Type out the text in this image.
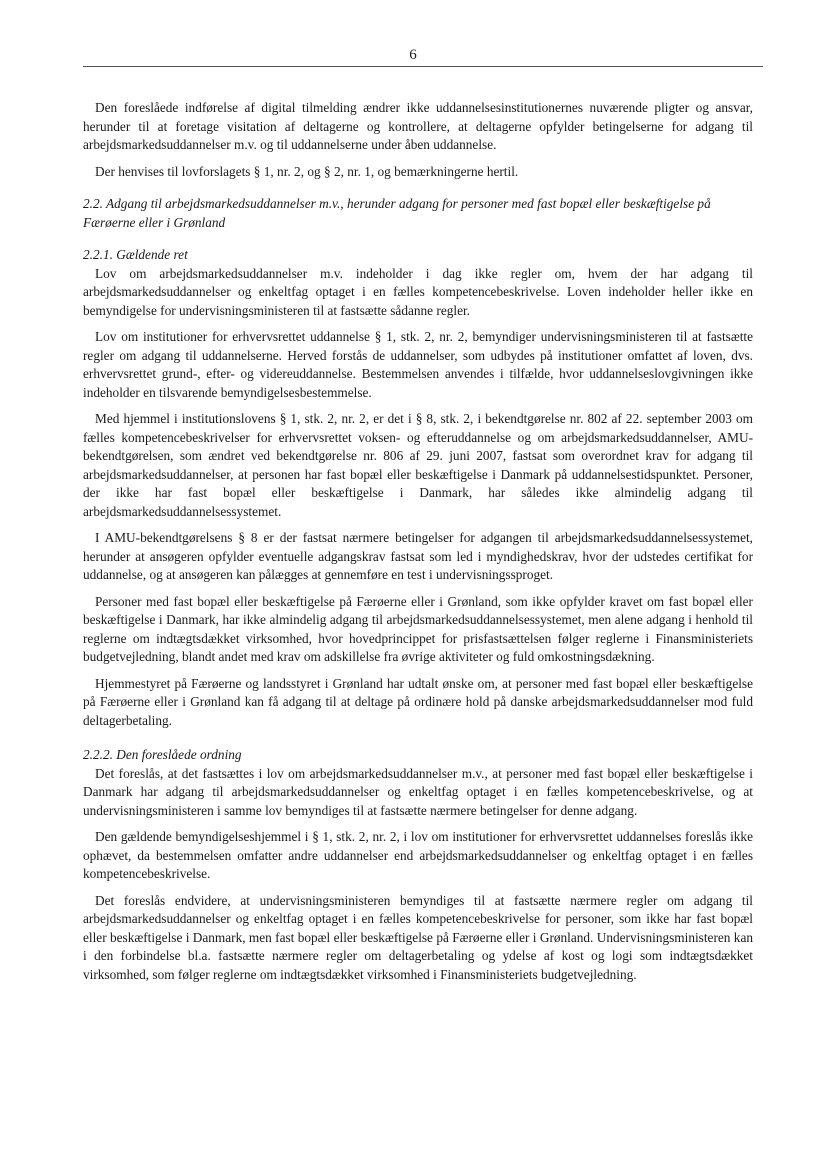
6

Den foreslåede indførelse af digital tilmelding ændrer ikke uddannelsesinstitutionernes nuværende pligter og ansvar, herunder til at foretage visitation af deltagerne og kontrollere, at deltagerne opfylder betingelserne for adgang til arbejdsmarkedsuddannelser m.v. og til uddannelserne under åben uddannelse.

Der henvises til lovforslagets § 1, nr. 2, og § 2, nr. 1, og bemærkningerne hertil.

2.2. Adgang til arbejdsmarkedsuddannelser m.v., herunder adgang for personer med fast bopæl eller beskæftigelse på Færøerne eller i Grønland
2.2.1. Gældende ret

Lov om arbejdsmarkedsuddannelser m.v. indeholder i dag ikke regler om, hvem der har adgang til arbejdsmarkedsuddannelser og enkeltfag optaget i en fælles kompetencebeskrivelse. Loven indeholder heller ikke en bemyndigelse for undervisningsministeren til at fastsætte sådanne regler.

Lov om institutioner for erhvervsrettet uddannelse § 1, stk. 2, nr. 2, bemyndiger undervisningsministeren til at fastsætte regler om adgang til uddannelserne. Herved forstås de uddannelser, som udbydes på institutioner omfattet af loven, dvs. erhvervsrettet grund-, efter- og videreuddannelse. Bestemmelsen anvendes i tilfælde, hvor uddannelseslovgivningen ikke indeholder en tilsvarende bemyndigelsesbestemmelse.

Med hjemmel i institutionslovens § 1, stk. 2, nr. 2, er det i § 8, stk. 2, i bekendtgørelse nr. 802 af 22. september 2003 om fælles kompetencebeskrivelser for erhvervsrettet voksen- og efteruddannelse og om arbejdsmarkedsuddannelser, AMU-bekendtgørelsen, som ændret ved bekendtgørelse nr. 806 af 29. juni 2007, fastsat som overordnet krav for adgang til arbejdsmarkedsuddannelser, at personen har fast bopæl eller beskæftigelse i Danmark på uddannelsestidspunktet. Personer, der ikke har fast bopæl eller beskæftigelse i Danmark, har således ikke almindelig adgang til arbejdsmarkedsuddannelsessystemet.

I AMU-bekendtgørelsens § 8 er der fastsat nærmere betingelser for adgangen til arbejdsmarkedsuddannelsessystemet, herunder at ansøgeren opfylder eventuelle adgangskrav fastsat som led i myndighedskrav, hvor der udstedes certifikat for uddannelse, og at ansøgeren kan pålægges at gennemføre en test i undervisningssproget.

Personer med fast bopæl eller beskæftigelse på Færøerne eller i Grønland, som ikke opfylder kravet om fast bopæl eller beskæftigelse i Danmark, har ikke almindelig adgang til arbejdsmarkedsuddannelsessystemet, men alene adgang i henhold til reglerne om indtægtsdækket virksomhed, hvor hovedprincippet for prisfastsættelsen følger reglerne i Finansministeriets budgetvejledning, blandt andet med krav om adskillelse fra øvrige aktiviteter og fuld omkostningsdækning.

Hjemmestyret på Færøerne og landsstyret i Grønland har udtalt ønske om, at personer med fast bopæl eller beskæftigelse på Færøerne eller i Grønland kan få adgang til at deltage på ordinære hold på danske arbejdsmarkedsuddannelser mod fuld deltagerbetaling.

2.2.2. Den foreslåede ordning

Det foreslås, at det fastsættes i lov om arbejdsmarkedsuddannelser m.v., at personer med fast bopæl eller beskæftigelse i Danmark har adgang til arbejdsmarkedsuddannelser og enkeltfag optaget i en fælles kompetencebeskrivelse, og at undervisningsministeren i samme lov bemyndiges til at fastsætte nærmere betingelser for denne adgang.

Den gældende bemyndigelseshjemmel i § 1, stk. 2, nr. 2, i lov om institutioner for erhvervsrettet uddannelses foreslås ikke ophævet, da bestemmelsen omfatter andre uddannelser end arbejdsmarkedsuddannelser og enkeltfag optaget i en fælles kompetencebeskrivelse.

Det foreslås endvidere, at undervisningsministeren bemyndiges til at fastsætte nærmere regler om adgang til arbejdsmarkedsuddannelser og enkeltfag optaget i en fælles kompetencebeskrivelse for personer, som ikke har fast bopæl eller beskæftigelse i Danmark, men fast bopæl eller beskæftigelse på Færøerne eller i Grønland. Undervisningsministeren kan i den forbindelse bl.a. fastsætte nærmere regler om deltagerbetaling og ydelse af kost og logi som indtægtsdækket virksomhed, som følger reglerne om indtægtsdækket virksomhed i Finansministeriets budgetvejledning.
